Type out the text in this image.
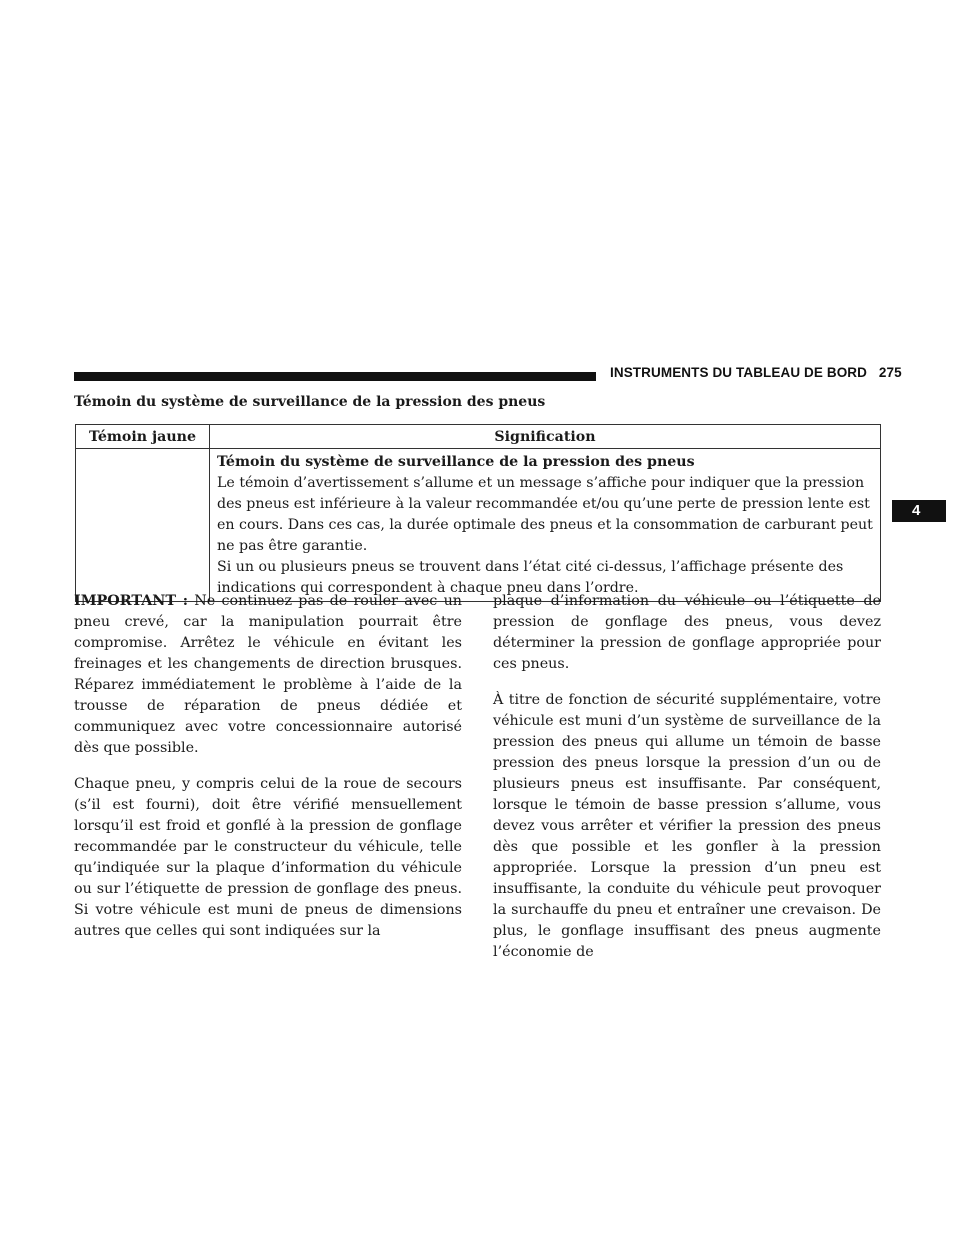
INSTRUMENTS DU TABLEAU DE BORD 275
4
Témoin du système de surveillance de la pression des pneus
Témoin jaune	Signification

	Témoin du système de surveillance de la pression des pneus
Le témoin d’avertissement s’allume et un message s’affiche pour indiquer que la pression des pneus est inférieure à la valeur recommandée et/ou qu’une perte de pression lente est en cours. Dans ces cas, la durée optimale des pneus et la consommation de carburant peut ne pas être garantie.
Si un ou plusieurs pneus se trouvent dans l’état cité ci-dessus, l’affichage présente des indications qui correspondent à chaque pneu dans l’ordre.

IMPORTANT : Ne continuez pas de rouler avec un pneu crevé, car la manipulation pourrait être compromise. Arrêtez le véhicule en évitant les freinages et les changements de direction brusques. Réparez immédiatement le problème à l’aide de la trousse de réparation de pneus dédiée et communiquez avec votre concessionnaire autorisé dès que possible.

Chaque pneu, y compris celui de la roue de secours (s’il est fourni), doit être vérifié mensuellement lorsqu’il est froid et gonflé à la pression de gonflage recommandée par le constructeur du véhicule, telle qu’indiquée sur la plaque d’information du véhicule ou sur l’étiquette de pression de gonflage des pneus. Si votre véhicule est muni de pneus de dimensions autres que celles qui sont indiquées sur la

plaque d’information du véhicule ou l’étiquette de pression de gonflage des pneus, vous devez déterminer la pression de gonflage appropriée pour ces pneus.

À titre de fonction de sécurité supplémentaire, votre véhicule est muni d’un système de surveillance de la pression des pneus qui allume un témoin de basse pression des pneus lorsque la pression d’un ou de plusieurs pneus est insuffisante. Par conséquent, lorsque le témoin de basse pression s’allume, vous devez vous arrêter et vérifier la pression des pneus dès que possible et les gonfler à la pression appropriée. Lorsque la pression d’un pneu est insuffisante, la conduite du véhicule peut provoquer la surchauffe du pneu et entraîner une crevaison. De plus, le gonflage insuffisant des pneus augmente l’économie de
